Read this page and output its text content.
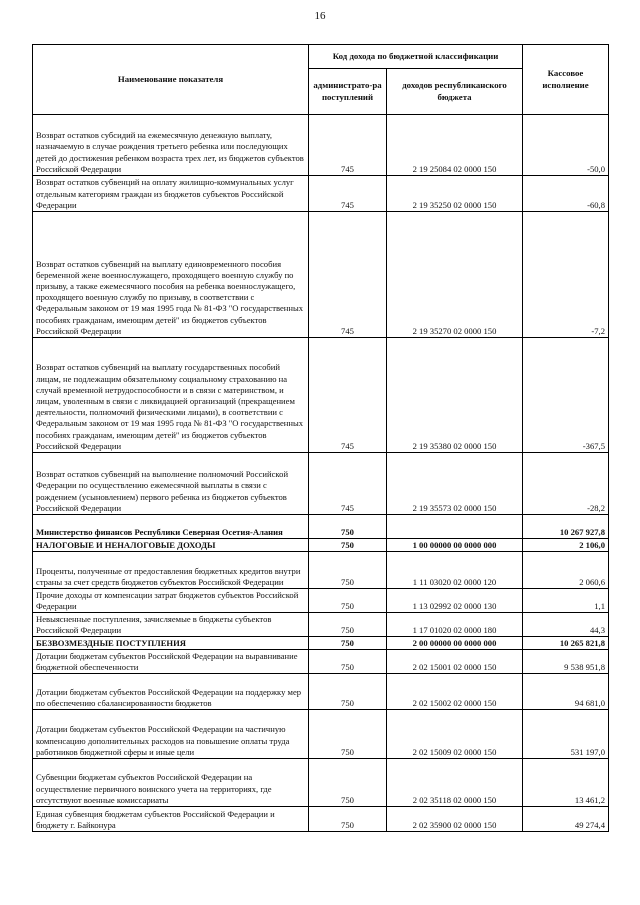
16
Наименование показателя	Код дохода по бюджетной классификации		Кассовое исполнение
	администрато-ра поступлений	доходов республиканского бюджета	
Возврат остатков субсидий на ежемесячную денежную выплату, назначаемую в случае рождения третьего ребенка или последующих детей до достижения ребенком возраста трех лет, из бюджетов субъектов Российской Федерации	745	2 19 25084 02 0000 150	-50,0
Возврат остатков субвенций на оплату жилищно-коммунальных услуг отдельным категориям граждан из бюджетов субъектов Российской Федерации	745	2 19 35250 02 0000 150	-60,8
Возврат остатков субвенций на выплату единовременного пособия беременной жене военнослужащего, проходящего военную службу по призыву, а также ежемесячного пособия на ребенка военнослужащего, проходящего военную службу по призыву, в соответствии с Федеральным законом от 19 мая 1995 года № 81-ФЗ "О государственных пособиях гражданам, имеющим детей" из бюджетов субъектов Российской Федерации	745	2 19 35270 02 0000 150	-7,2
Возврат остатков субвенций на выплату государственных пособий лицам, не подлежащим обязательному социальному страхованию на случай временной нетрудоспособности и в связи с материнством, и лицам, уволенным в связи с ликвидацией организаций (прекращением деятельности, полномочий физическими лицами), в соответствии с Федеральным законом от 19 мая 1995 года № 81-ФЗ "О государственных пособиях гражданам, имеющим детей" из бюджетов субъектов Российской Федерации	745	2 19 35380 02 0000 150	-367,5
Возврат остатков субвенций на выполнение полномочий Российской Федерации по осуществлению ежемесячной выплаты в связи с рождением (усыновлением) первого ребенка из бюджетов субъектов Российской Федерации	745	2 19 35573 02 0000 150	-28,2
Министерство финансов Республики Северная Осетия-Алания	750		10 267 927,8
НАЛОГОВЫЕ И НЕНАЛОГОВЫЕ ДОХОДЫ	750	1 00 00000 00 0000 000	2 106,0
Проценты, полученные от предоставления бюджетных кредитов внутри страны за счет средств бюджетов субъектов Российской Федерации	750	1 11 03020 02 0000 120	2 060,6
Прочие доходы от компенсации затрат бюджетов субъектов Российской Федерации	750	1 13 02992 02 0000 130	1,1
Невыясненные поступления, зачисляемые в бюджеты субъектов Российской Федерации	750	1 17 01020 02 0000 180	44,3
БЕЗВОЗМЕЗДНЫЕ ПОСТУПЛЕНИЯ	750	2 00 00000 00 0000 000	10 265 821,8
Дотации бюджетам субъектов Российской Федерации на выравнивание бюджетной обеспеченности	750	2 02 15001 02 0000 150	9 538 951,8
Дотации бюджетам субъектов Российской Федерации на поддержку мер по обеспечению сбалансированности бюджетов	750	2 02 15002 02 0000 150	94 681,0
Дотации бюджетам субъектов Российской Федерации на частичную компенсацию дополнительных расходов на повышение оплаты труда работников бюджетной сферы и иные цели	750	2 02 15009 02 0000 150	531 197,0
Субвенции бюджетам субъектов Российской Федерации на осуществление первичного воинского учета на территориях, где отсутствуют военные комиссариаты	750	2 02 35118 02 0000 150	13 461,2
Единая субвенция бюджетам субъектов Российской Федерации и бюджету г. Байконура	750	2 02 35900 02 0000 150	49 274,4
